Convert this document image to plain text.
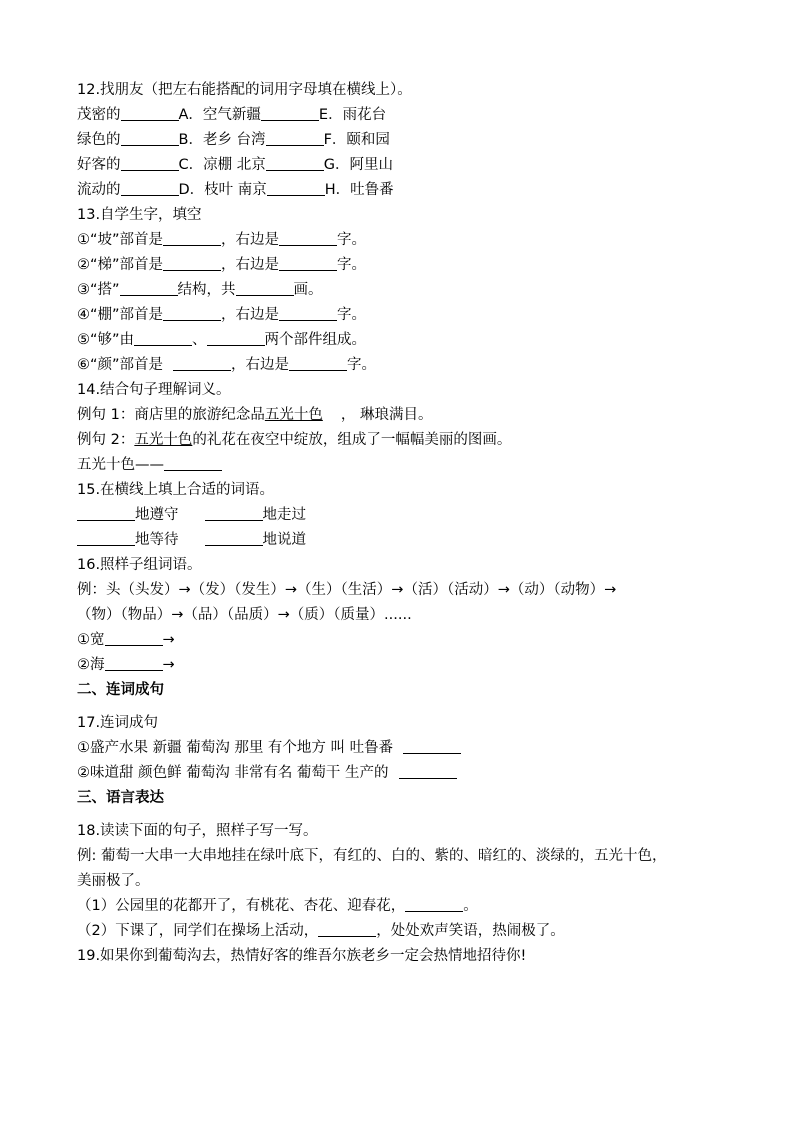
12.找朋友（把左右能搭配的词用字母填在横线上）。
茂密的	A．空气新疆	E．雨花台
绿色的	B．老乡 台湾	F．颐和园
好客的	C．凉棚 北京	G．阿里山
流动的	D．枝叶 南京	H．吐鲁番
13.自学生字，填空
①“坡”部首是	，右边是	字。
②“梯”部首是	，右边是	字。
③“搭”	结构，共	画。
④“棚”部首是	，右边是	字。
⑤“够”由	、	两个部件组成。
⑥“颜”部首是	，右边是	字。
14.结合句子理解词义。
例句 1：商店里的旅游纪念品五光十色 ， 琳琅满目。
例句 2：五光十色的礼花在夜空中绽放，组成了一幅幅美丽的图画。
五光十色——
15.在横线上填上合适的词语。
地遵守	地走过
地等待	地说道
16.照样子组词语。
例：头（头发）→（发）（发生）→（生）（生活）→（活）（活动）→（动）（动物）→
（物）（物品）→（品）（品质）→（质）（质量）......
①宽	→
②海	→
二、连词成句
17.连词成句
①盛产水果 新疆 葡萄沟 那里 有个地方 叫 吐鲁番
②味道甜 颜色鲜 葡萄沟 非常有名 葡萄干 生产的
三、语言表达
18.读读下面的句子，照样子写一写。
例: 葡萄一大串一大串地挂在绿叶底下，有红的、白的、紫的、暗红的、淡绿的，五光十色，
美丽极了。
（1）公园里的花都开了，有桃花、杏花、迎春花，	。
（2）下课了，同学们在操场上活动，	，处处欢声笑语，热闹极了。
19.如果你到葡萄沟去，热情好客的维吾尔族老乡一定会热情地招待你!
